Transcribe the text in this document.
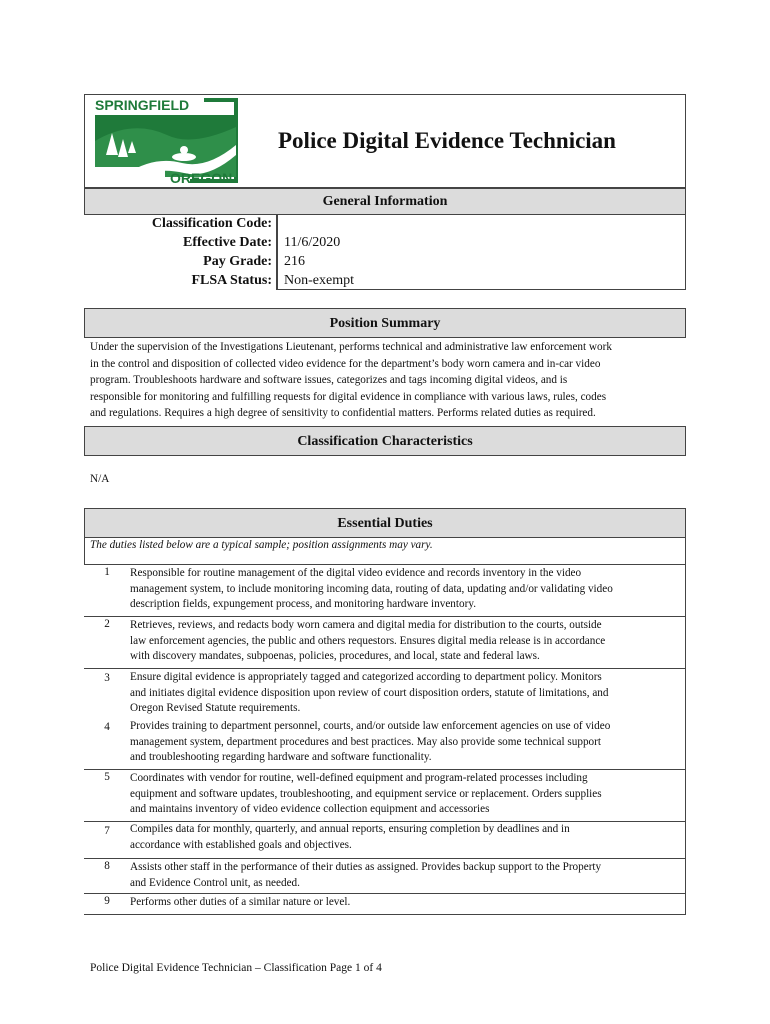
SPRINGFIELD
OREGON
Police Digital Evidence Technician
General Information
Classification Code:
Effective Date: 11/6/2020
Pay Grade: 216
FLSA Status: Non-exempt
Position Summary
Under the supervision of the Investigations Lieutenant, performs technical and administrative law enforcement work
in the control and disposition of collected video evidence for the department’s body worn camera and in-car video
program. Troubleshoots hardware and software issues, categorizes and tags incoming digital videos, and is
responsible for monitoring and fulfilling requests for digital evidence in compliance with various laws, rules, codes
and regulations. Requires a high degree of sensitivity to confidential matters. Performs related duties as required.
Classification Characteristics
N/A
Essential Duties
The duties listed below are a typical sample; position assignments may vary.
1	Responsible for routine management of the digital video evidence and records inventory in the video
management system, to include monitoring incoming data, routing of data, updating and/or validating video
description fields, expungement process, and monitoring hardware inventory.
2	Retrieves, reviews, and redacts body worn camera and digital media for distribution to the courts, outside
law enforcement agencies, the public and others requestors. Ensures digital media release is in accordance
with discovery mandates, subpoenas, policies, procedures, and local, state and federal laws.
3	Ensure digital evidence is appropriately tagged and categorized according to department policy. Monitors
and initiates digital evidence disposition upon review of court disposition orders, statute of limitations, and
Oregon Revised Statute requirements.
4	Provides training to department personnel, courts, and/or outside law enforcement agencies on use of video
management system, department procedures and best practices. May also provide some technical support
and troubleshooting regarding hardware and software functionality.
5	Coordinates with vendor for routine, well-defined equipment and program-related processes including
equipment and software updates, troubleshooting, and equipment service or replacement. Orders supplies
and maintains inventory of video evidence collection equipment and accessories
7	Compiles data for monthly, quarterly, and annual reports, ensuring completion by deadlines and in
accordance with established goals and objectives.
8	Assists other staff in the performance of their duties as assigned. Provides backup support to the Property
and Evidence Control unit, as needed.
9	Performs other duties of a similar nature or level.
Police Digital Evidence Technician – Classification Page 1 of 4
